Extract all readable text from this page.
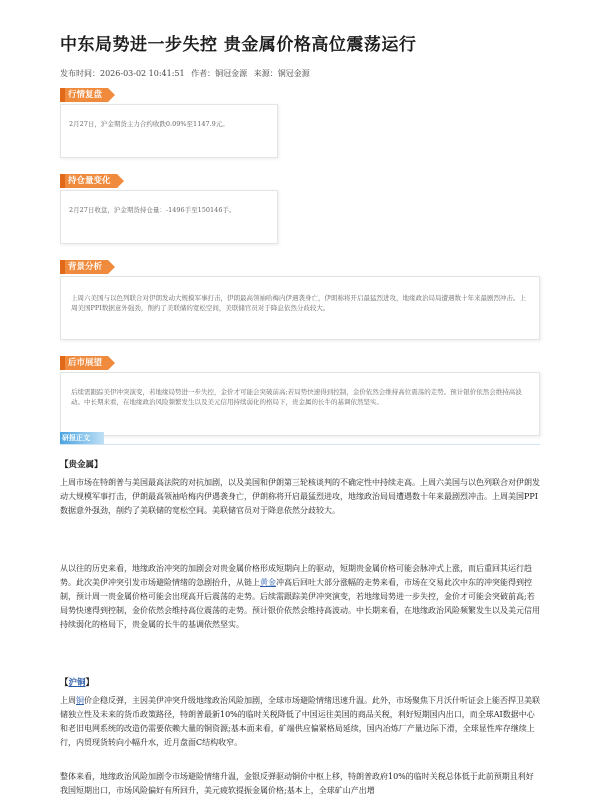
中东局势进一步失控 贵金属价格高位震荡运行
发布时间：2026-03-02 10:41:51 作者：铜冠金源 来源：铜冠金源
行情复盘

2月27日，沪金期货主力合约收跌0.09%至1147.9元。

持仓量变化

2月27日收盘，沪金期货持仓量：-1496手至150146手。

背景分析

上周六美国与以色列联合对伊朗发动大规模军事打击，伊朗最高领袖哈梅内伊遇袭身亡，伊朗称将开启最猛烈进攻，地缘政治局局遭遇数十年来最剧烈冲击。上周美国PPI数据意外强劲，削约了美联储的宽松空间，美联储官员对于降息依然分歧较大。

后市展望

后续需跟踪美伊冲突演变，若地缘局势进一步失控，金价才可能会突破前高;若局势快速得到控制，金价依然会维持高位震荡的走势。预计银价依然会维持高波动。中长期来看，在地缘政治风险频繁发生以及美元信用持续弱化的格局下，贵金属的长牛的基调依然坚实。

研报正文
【贵金属】

上周市场在特朗普与美国最高法院的对抗加剧，以及美国和伊朗第三轮核谈判的不确定性中持续走高。上周六美国与以色列联合对伊朗发动大规模军事打击，伊朗最高领袖哈梅内伊遇袭身亡，伊朗称将开启最猛烈进攻，地缘政治局局遭遇数十年来最剧烈冲击。上周美国PPI数据意外强劲，削约了美联储的宽松空间。美联储官员对于降息依然分歧较大。

从以往的历史来看，地缘政治冲突的加剧会对贵金属价格形成短期向上的驱动，短期贵金属价格可能会脉冲式上涨，而后重回其运行趋势。此次美伊冲突引发市场避险情绪的急剧抬升，从链上黄金冲高后回吐大部分涨幅的走势来看，市场在交易此次中东的冲突能得到控制，预计周一贵金属价格可能会出现高开后震荡的走势。后续需跟踪美伊冲突演变，若地缘局势进一步失控，金价才可能会突破前高;若局势快速得到控制，金价依然会维持高位震荡的走势。预计银价依然会维持高波动。中长期来看，在地缘政治风险频繁发生以及美元信用持续弱化的格局下，贵金属的长牛的基调依然坚实。

【沪铜】

上周铜价企稳反弹，主因美伊冲突升级地缘政治风险加剧，全球市场避险情绪迅速升温。此外，市场聚焦下月沃什听证会上能否捍卫美联储独立性及未来的货币政策路径，特朗普最新10%的临时关税降低了中国运往美国的商品关税，利好短期国内出口，而全球AI数据中心和老旧电网系统的改造仍需要依赖大量的铜资源;基本面来看，矿端供应偏紧格局延续，国内冶炼厂产量边际下滑，全球显性库存继续上行，内贸现货转向小幅升水，近月盘面C结构收窄。

整体来看，地缘政治风险加剧令市场避险情绪升温，金银反弹驱动铜价中枢上移，特朗普政府10%的临时关税总体低于此前预期且利好我国短期出口，市场风险偏好有所回升，美元疲软提振金属价格;基本上，全球矿山产出增
